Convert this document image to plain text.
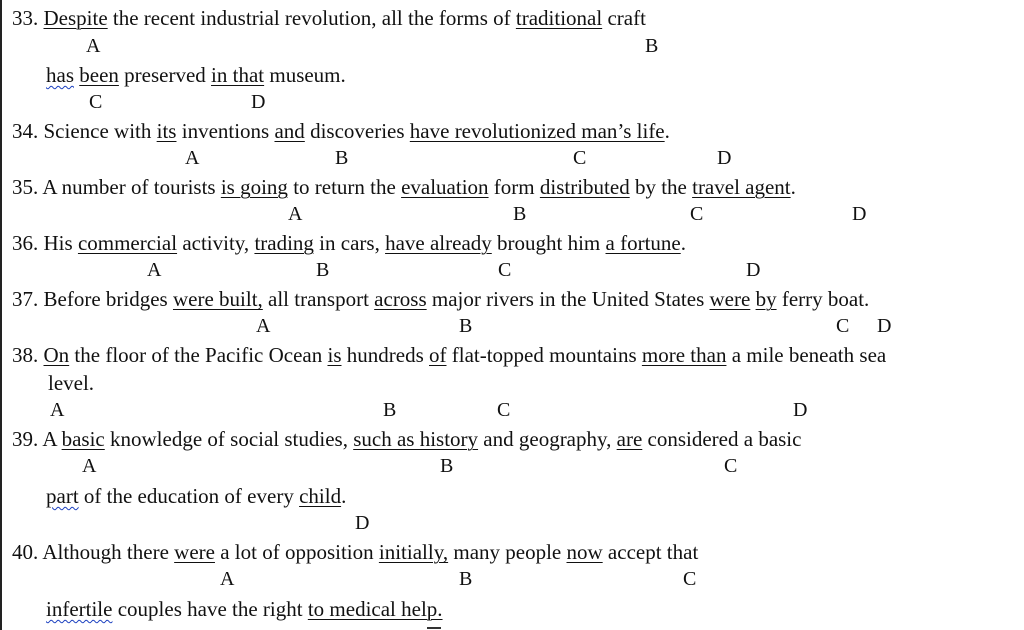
33. Despite the recent industrial revolution, all the forms of traditional craft
A	B
has been preserved in that museum.
C	D
34. Science with its inventions and discoveries have revolutionized man’s life.
A	B	C	D
35. A number of tourists is going to return the evaluation form distributed by the travel agent.
A	B	C	D
36. His commercial activity, trading in cars, have already brought him a fortune.
A	B	C	D
37. Before bridges were built, all transport across major rivers in the United States were by ferry boat.
A	B	C D
38. On the floor of the Pacific Ocean is hundreds of flat-topped mountains more than a mile beneath sea
level.
A	B	C	D
39. A basic knowledge of social studies, such as history and geography, are considered a basic
A	B	C
part of the education of every child.
D
40. Although there were a lot of opposition initially, many people now accept that
A	B	C
infertile couples have the right to medical help.
